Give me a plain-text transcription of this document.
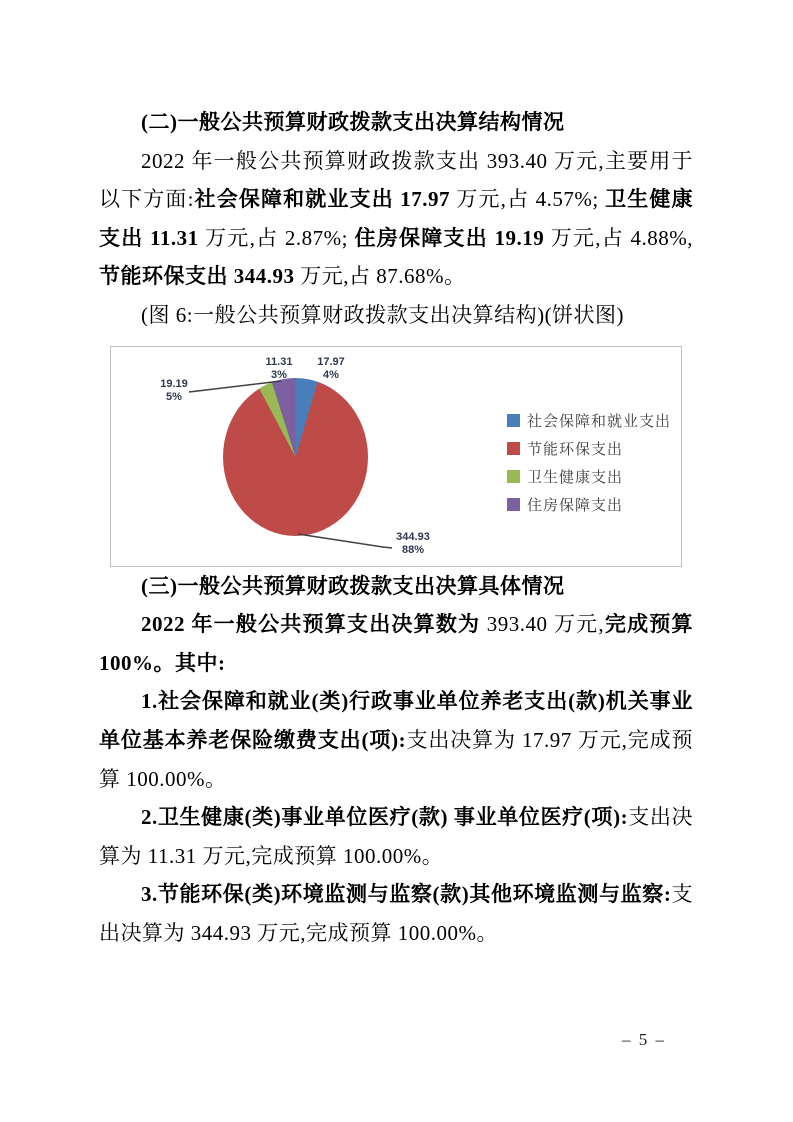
(二)一般公共预算财政拨款支出决算结构情况

2022 年一般公共预算财政拨款支出 393.40 万元,主要用于以下方面:社会保障和就业支出 17.97 万元,占 4.57%; 卫生健康支出 11.31 万元,占 2.87%; 住房保障支出 19.19 万元,占 4.88%, 节能环保支出 344.93 万元,占 87.68%。

(图 6:一般公共预算财政拨款支出决算结构)(饼状图)

17.97
4%
11.31
3%
19.19
5%
344.93
88%
社会保障和就业支出
节能环保支出
卫生健康支出
住房保障支出
(三)一般公共预算财政拨款支出决算具体情况

2022 年一般公共预算支出决算数为 393.40 万元,完成预算 100%。其中:

1.社会保障和就业(类)行政事业单位养老支出(款)机关事业单位基本养老保险缴费支出(项):支出决算为 17.97 万元,完成预算 100.00%。

2.卫生健康(类)事业单位医疗(款) 事业单位医疗(项):支出决算为 11.31 万元,完成预算 100.00%。

3.节能环保(类)环境监测与监察(款)其他环境监测与监察:支出决算为 344.93 万元,完成预算 100.00%。

– 5 –
